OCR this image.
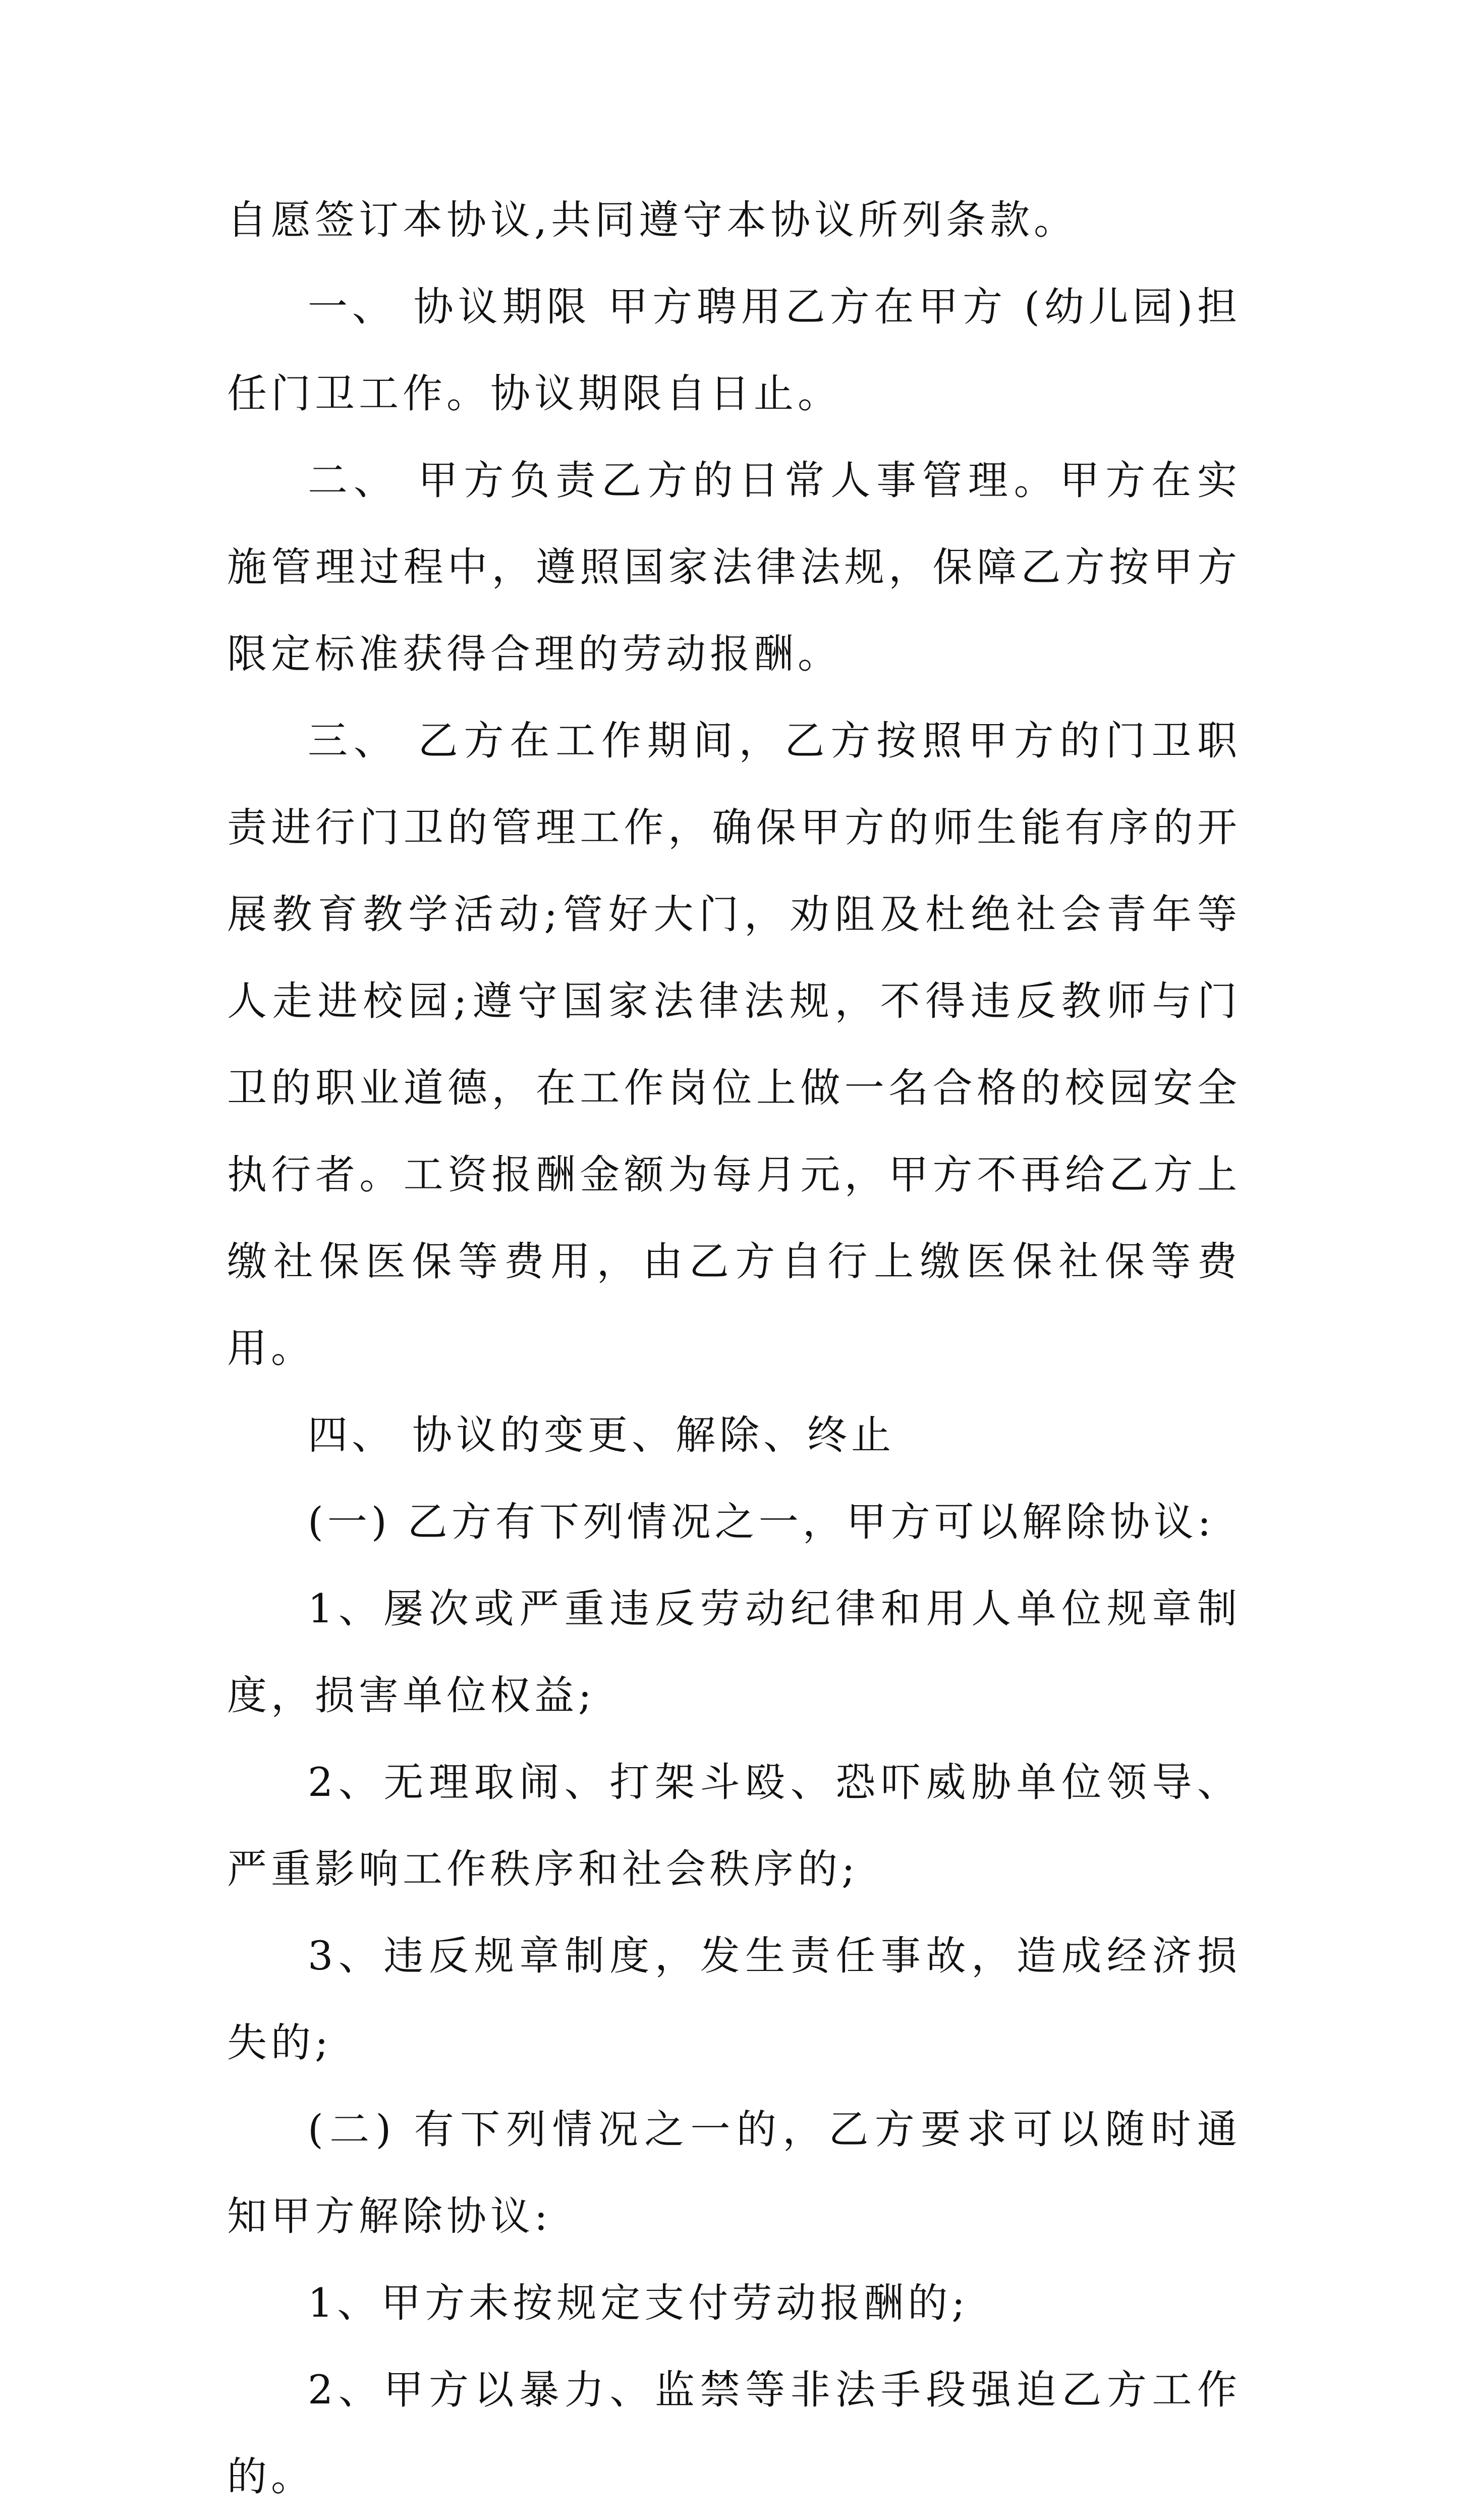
自愿签订本协议,共同遵守本协议所列条款。

一、 协议期限 甲方聘用乙方在甲方 (幼儿园)担任门卫工作。协议期限自日止。

二、 甲方负责乙方的日常人事管理。甲方在实施管理过程中，遵照国家法律法规，保障乙方按甲方限定标准获得合理的劳动报酬。

三、 乙方在工作期间，乙方按照甲方的门卫职责进行门卫的管理工作，确保甲方的师生能有序的开展教育教学活动;管好大门，劝阻及杜绝社会青年等人走进校园;遵守国家法律法规，不得违反教师与门卫的职业道德，在工作岗位上做一名合格的校园安全执行者。工资报酬金额为每月元，甲方不再给乙方上缴社保医保等费用，由乙方自行上缴医保社保等费用。

四、 协议的变更、解除、终止

(一) 乙方有下列情况之一，甲方可以解除协议:

1、屡次或严重违反劳动纪律和用人单位规章制度，损害单位权益;

2、无理取闹、打架斗殴、恐吓威胁单位领导、严重影响工作秩序和社会秩序的;

3、违反规章制度，发生责任事故，造成经济损失的;

(二) 有下列情况之一的，乙方要求可以随时通知甲方解除协议:

1、甲方未按规定支付劳动报酬的;

2、甲方以暴力、监禁等非法手段强迫乙方工作的。
